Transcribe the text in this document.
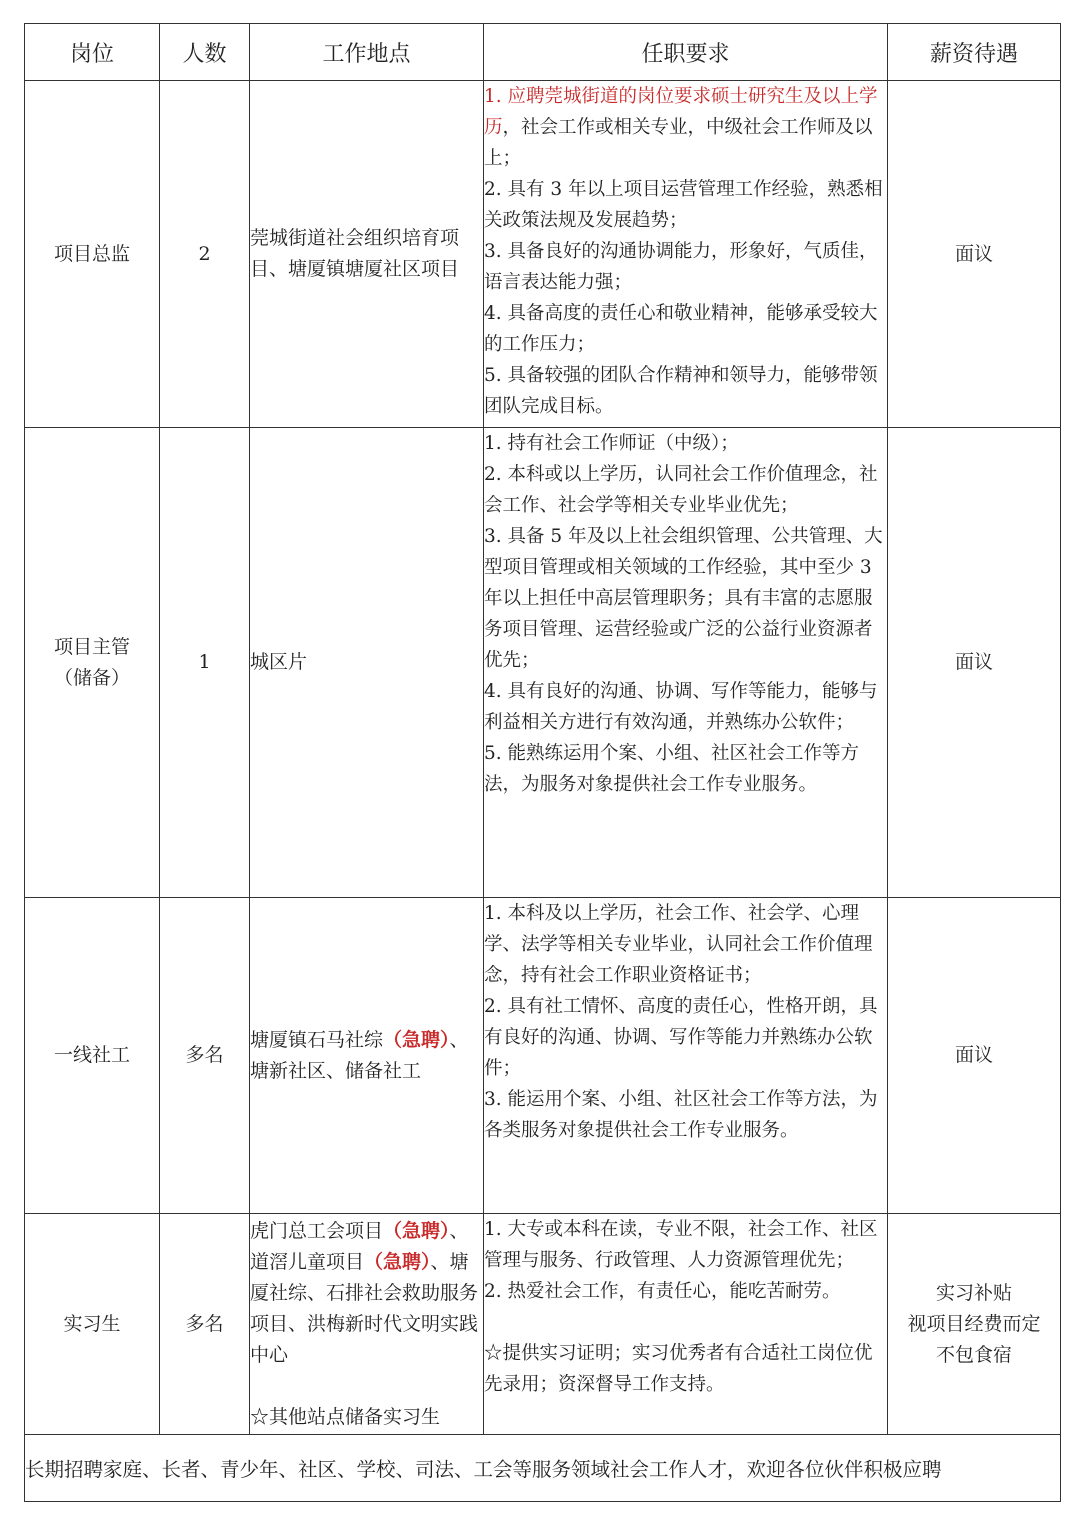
岗位	人数	工作地点	任职要求	薪资待遇

项目总监	2	莞城街道社会组织培育项目、塘厦镇塘厦社区项目	1. 应聘莞城街道的岗位要求硕士研究生及以上学历，社会工作或相关专业，中级社会工作师及以上；
2. 具有 3 年以上项目运营管理工作经验，熟悉相关政策法规及发展趋势；
3. 具备良好的沟通协调能力，形象好，气质佳，语言表达能力强；
4. 具备高度的责任心和敬业精神，能够承受较大的工作压力；
5. 具备较强的团队合作精神和领导力，能够带领团队完成目标。	面议

项目主管
（储备）	1	城区片	1. 持有社会工作师证（中级）；
2. 本科或以上学历，认同社会工作价值理念，社会工作、社会学等相关专业毕业优先；
3. 具备 5 年及以上社会组织管理、公共管理、大型项目管理或相关领域的工作经验，其中至少 3 年以上担任中高层管理职务；具有丰富的志愿服务项目管理、运营经验或广泛的公益行业资源者优先；
4. 具有良好的沟通、协调、写作等能力，能够与利益相关方进行有效沟通，并熟练办公软件；
5. 能熟练运用个案、小组、社区社会工作等方法，为服务对象提供社会工作专业服务。	面议

一线社工	多名	塘厦镇石马社综（急聘）、塘新社区、储备社工	1. 本科及以上学历，社会工作、社会学、心理学、法学等相关专业毕业，认同社会工作价值理念，持有社会工作职业资格证书；
2. 具有社工情怀、高度的责任心，性格开朗，具有良好的沟通、协调、写作等能力并熟练办公软件；
3. 能运用个案、小组、社区社会工作等方法，为各类服务对象提供社会工作专业服务。	面议

实习生	多名	虎门总工会项目（急聘）、道滘儿童项目（急聘）、塘厦社综、石排社会救助服务项目、洪梅新时代文明实践中心
☆其他站点储备实习生	1. 大专或本科在读，专业不限，社会工作、社区管理与服务、行政管理、人力资源管理优先；
2. 热爱社会工作，有责任心，能吃苦耐劳。
☆提供实习证明；实习优秀者有合适社工岗位优先录用；资深督导工作支持。	实习补贴
视项目经费而定
不包食宿

长期招聘家庭、长者、青少年、社区、学校、司法、工会等服务领域社会工作人才，欢迎各位伙伴积极应聘				
